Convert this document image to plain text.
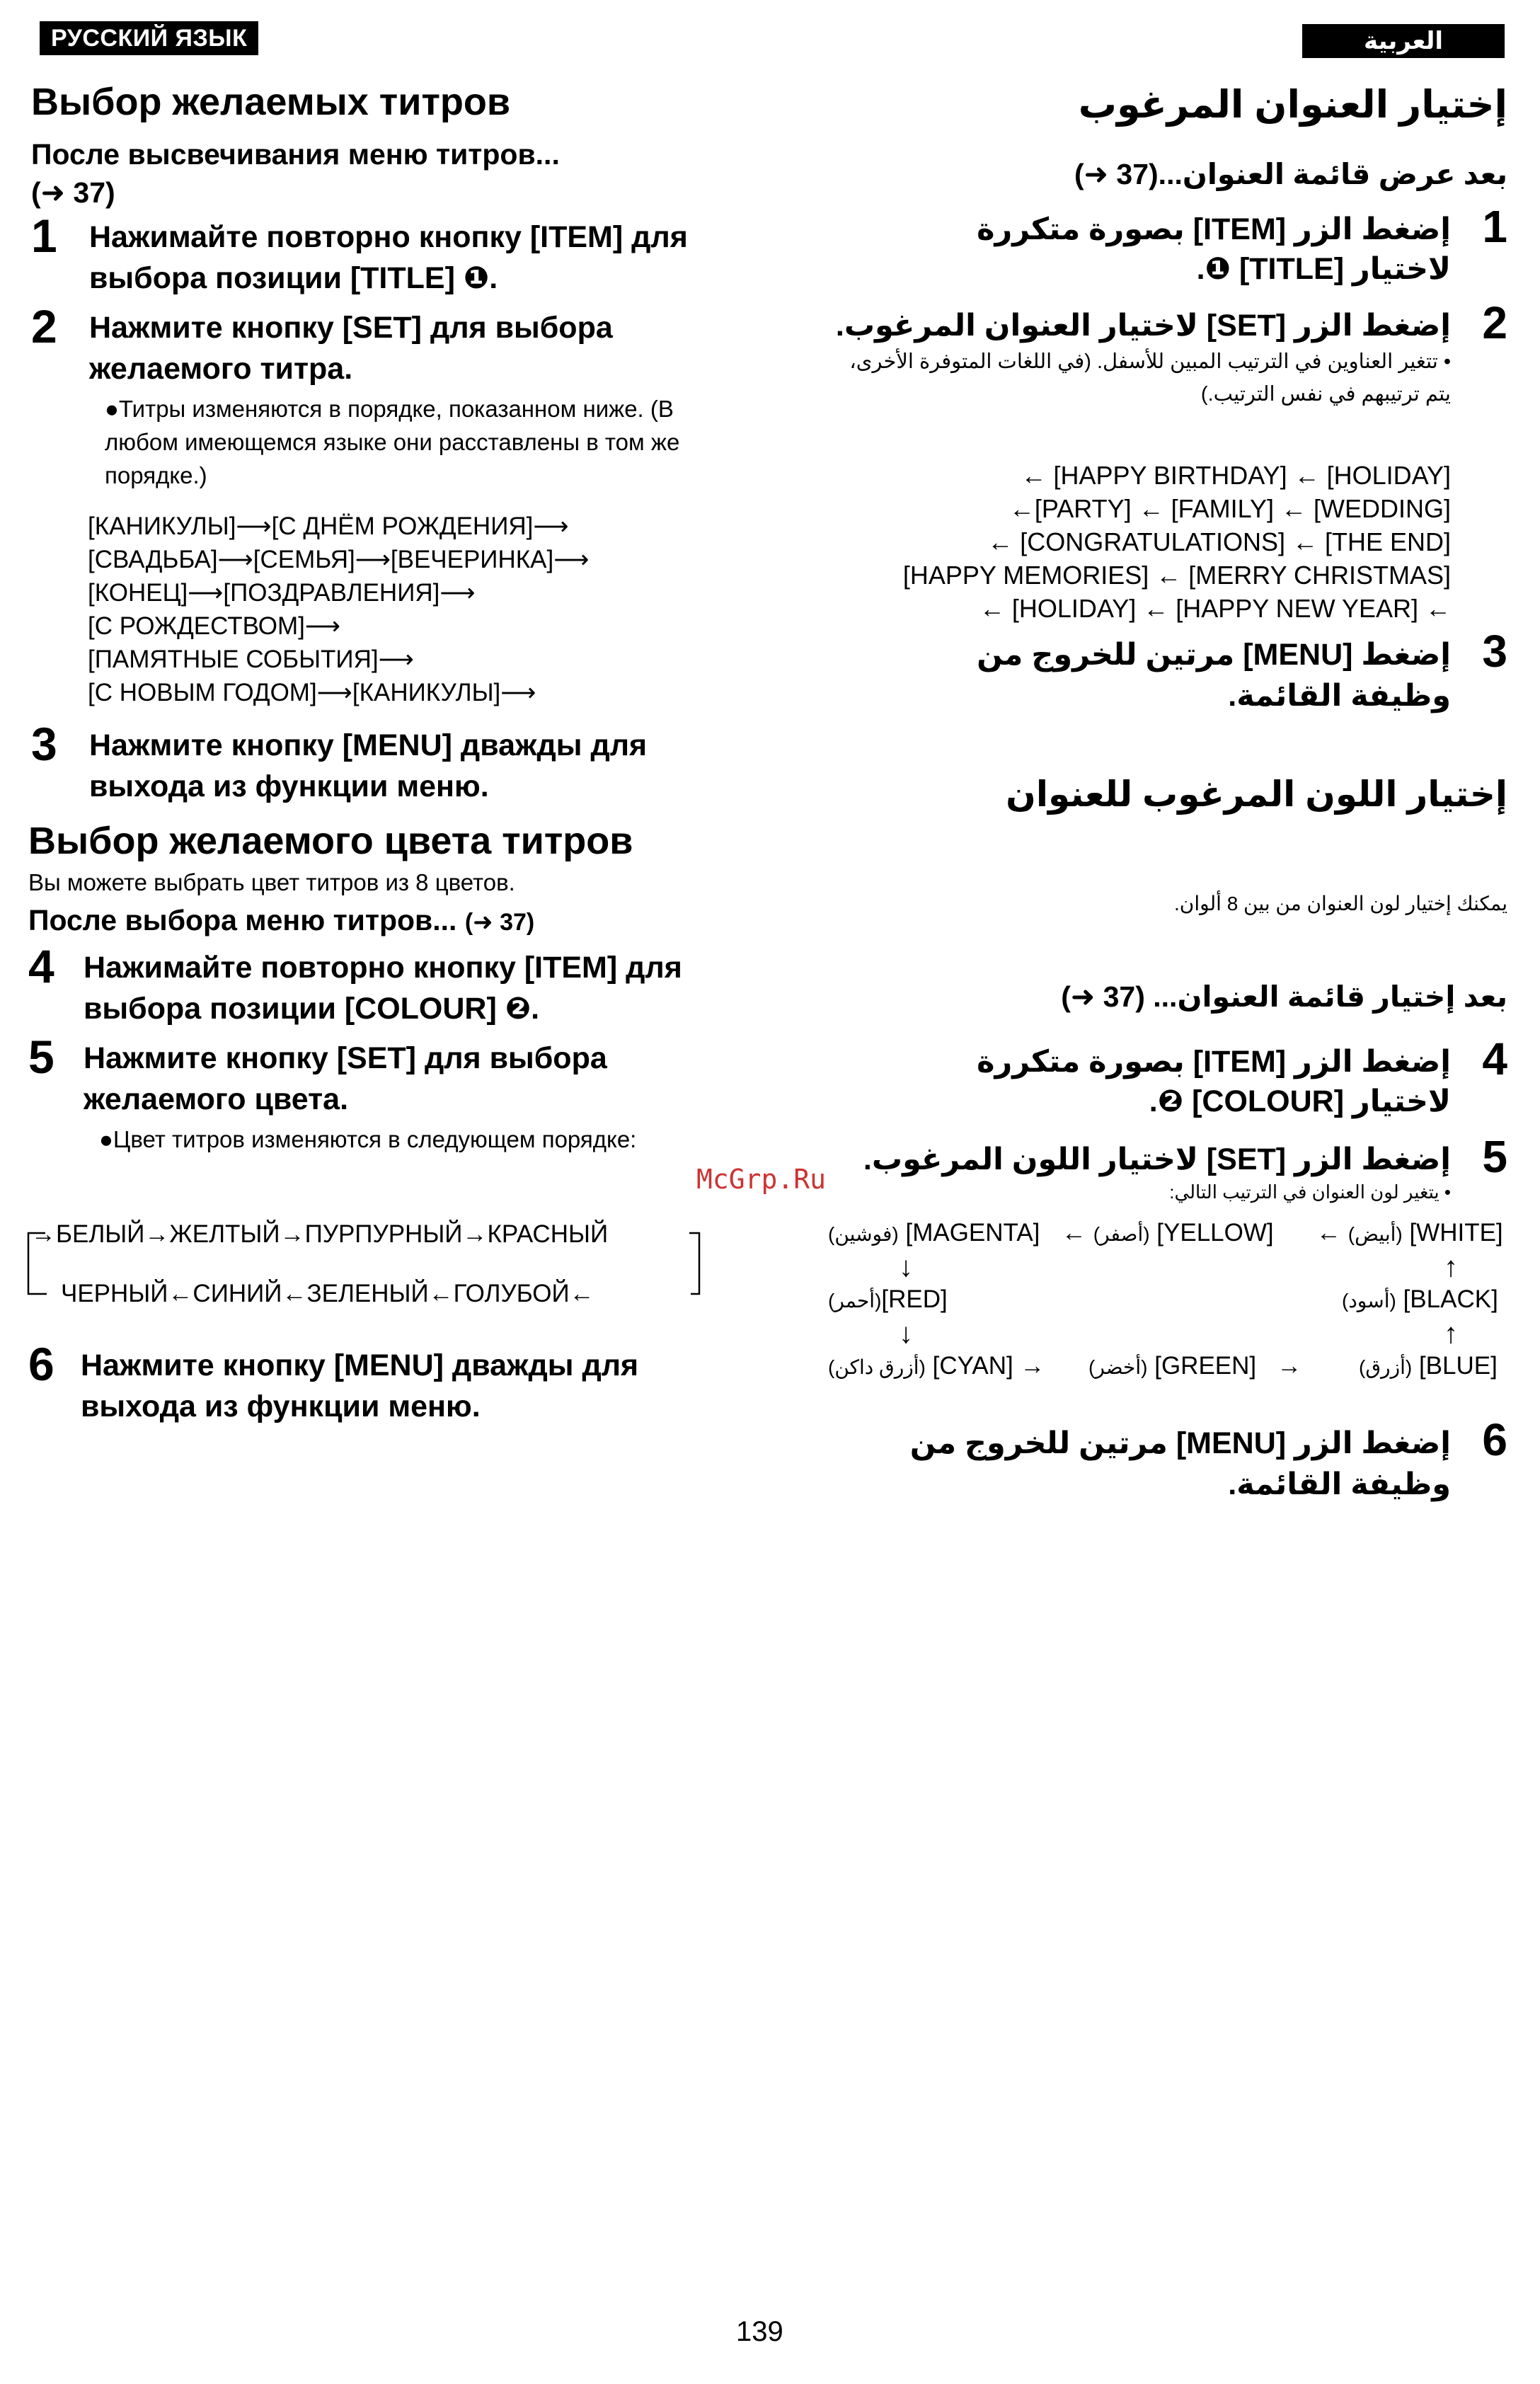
РУССКИЙ ЯЗЫК
Выбор желаемых титров
После высвечивания меню титров...
(➜ 37)
1 Нажимайте повторно кнопку [ITEM] для выбора позиции [TITLE] ❶.
2 Нажмите кнопку [SET] для выбора желаемого титра.
●Титры изменяются в порядке, показанном ниже. (В любом имеющемся языке они расставлены в том же порядке.)
[КАНИКУЛЫ]⟶[С ДНЁМ РОЖДЕНИЯ]⟶
[СВАДЬБА]⟶[СЕМЬЯ]⟶[ВЕЧЕРИНКА]⟶
[КОНЕЦ]⟶[ПОЗДРАВЛЕНИЯ]⟶
[С РОЖДЕСТВОМ]⟶
[ПАМЯТНЫЕ СОБЫТИЯ]⟶
[С НОВЫМ ГОДОМ]⟶[КАНИКУЛЫ]⟶
3 Нажмите кнопку [MENU] дважды для выхода из функции меню.
Выбор желаемого цвета титров
Вы можете выбрать цвет титров из 8 цветов.
После выбора меню титров... (➜ 37)
4 Нажимайте повторно кнопку [ITEM] для выбора позиции [COLOUR] ❷.
5 Нажмите кнопку [SET] для выбора желаемого цвета.
●Цвет титров изменяются в следующем порядке:
→БЕЛЫЙ→ЖЕЛТЫЙ→ПУРПУРНЫЙ→КРАСНЫЙ
ЧЕРНЫЙ←СИНИЙ←ЗЕЛЕНЫЙ←ГОЛУБОЙ←
6 Нажмите кнопку [MENU] дважды для выхода из функции меню.
McGrp.Ru
العربية
إختيار العنوان المرغوب
بعد عرض قائمة العنوان...(37 ➜)
1
إضغط الزر [ITEM] بصورة متكررة لاختيار [TITLE] ❶.
2
إضغط الزر [SET] لاختيار العنوان المرغوب.
• تتغير العناوين في الترتيب المبين للأسفل. (في اللغات المتوفرة الأخرى، يتم ترتيبهم في نفس الترتيب.)
← [HAPPY BIRTHDAY] ← [HOLIDAY]
←[PARTY] ← [FAMILY] ← [WEDDING]
← [CONGRATULATIONS] ← [THE END]
[HAPPY MEMORIES] ← [MERRY CHRISTMAS]
← [HOLIDAY] ← [HAPPY NEW YEAR] ←
3
إضغط [MENU] مرتين للخروج من وظيفة القائمة.
إختيار اللون المرغوب للعنوان
يمكنك إختيار لون العنوان من بين 8 ألوان.
بعد إختيار قائمة العنوان... (37 ➜)
4
إضغط الزر [ITEM] بصورة متكررة لاختيار [COLOUR] ❷.
5
إضغط الزر [SET] لاختيار اللون المرغوب.
• يتغير لون العنوان في الترتيب التالي:
(فوشين) [MAGENTA] ← (أصفر) [YELLOW] ← (أبيض) [WHITE]
↓	↑
(أحمر)[RED]	(أسود) [BLACK]
↓	↑
(أزرق داكن) [CYAN] → (أخضر) [GREEN]   →	(أزرق) [BLUE]
6
إضغط الزر [MENU] مرتين للخروج من وظيفة القائمة.
139
